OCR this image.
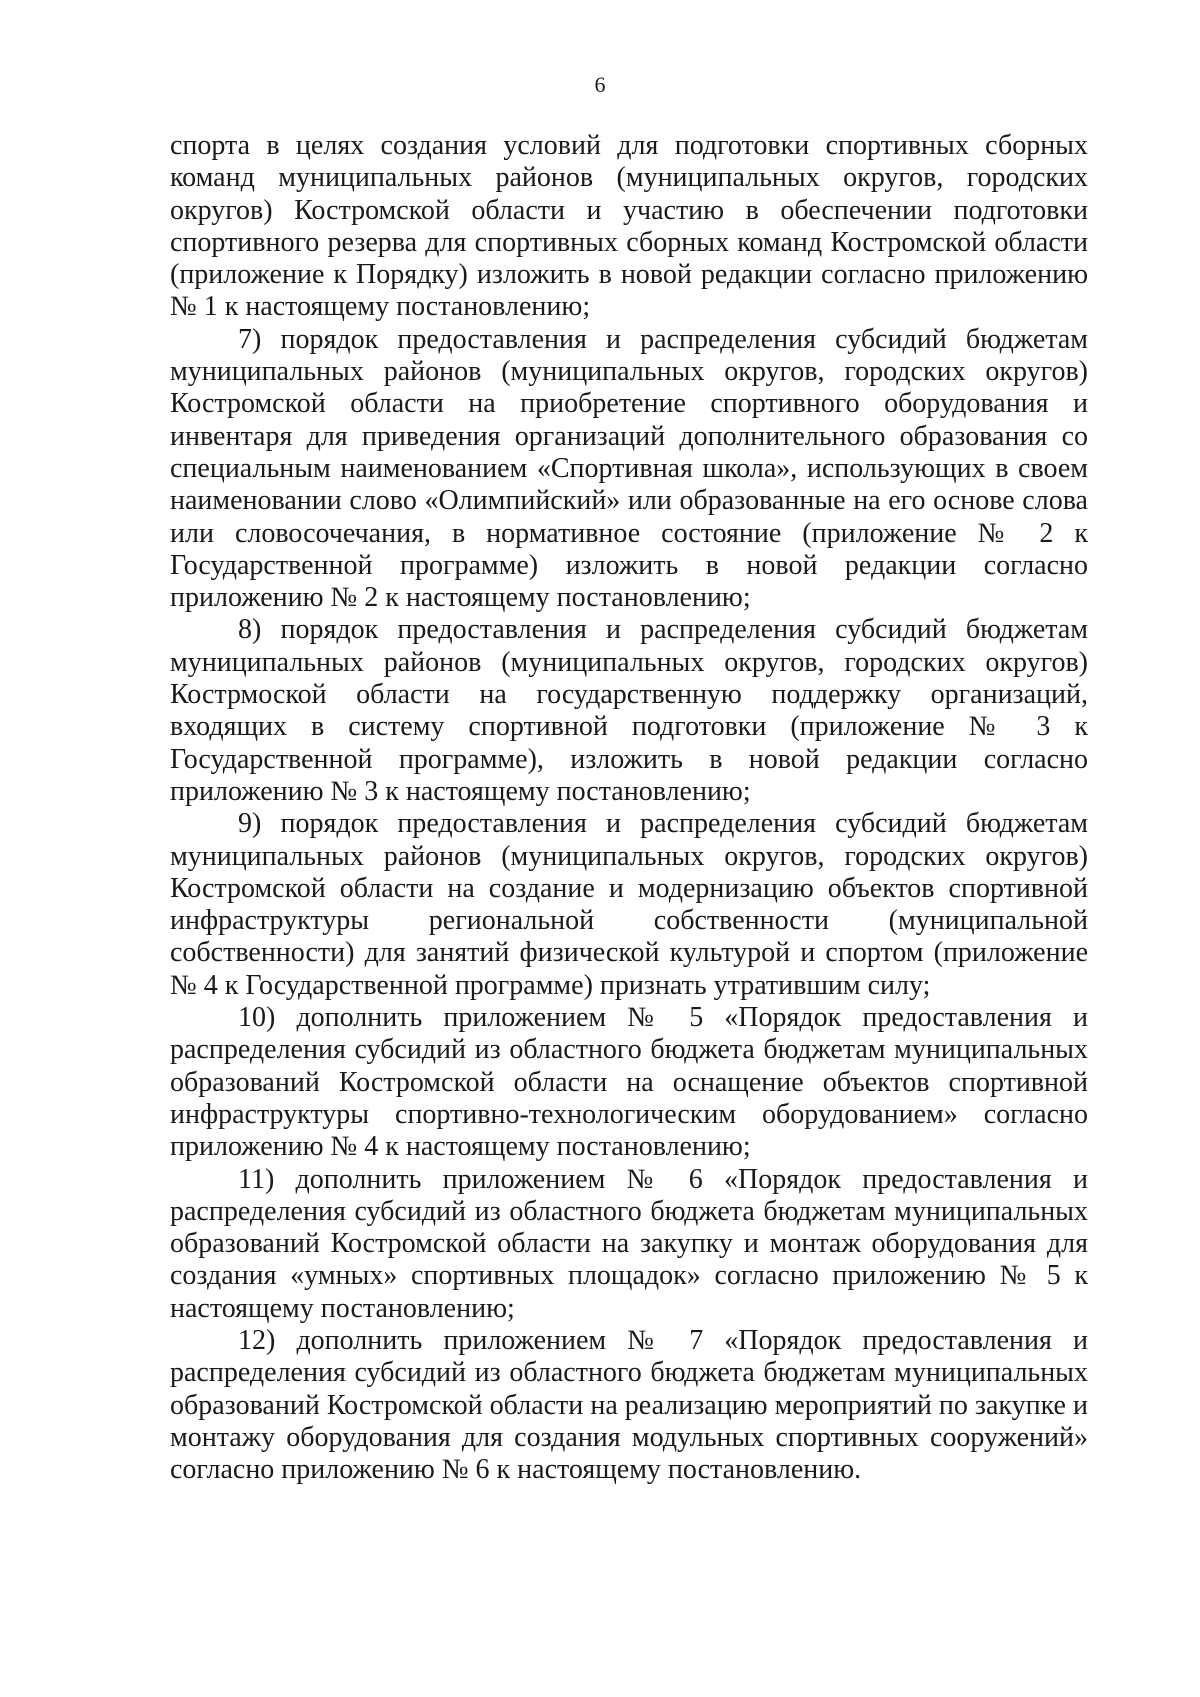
6

спорта в целях создания условий для подготовки спортивных сборных команд муниципальных районов (муниципальных округов, городских округов) Костромской области и участию в обеспечении подготовки спортивного резерва для спортивных сборных команд Костромской области (приложение к Порядку) изложить в новой редакции согласно приложению № 1 к настоящему постановлению;

7) порядок предоставления и распределения субсидий бюджетам муниципальных районов (муниципальных округов, городских округов) Костромской области на приобретение спортивного оборудования и инвентаря для приведения организаций дополнительного образования со специальным наименованием «Спортивная школа», использующих в своем наименовании слово «Олимпийский» или образованные на его основе слова или словосочечания, в нормативное состояние (приложение № 2 к Государственной программе) изложить в новой редакции согласно приложению № 2 к настоящему постановлению;

8) порядок предоставления и распределения субсидий бюджетам муниципальных районов (муниципальных округов, городских округов) Кострмоской области на государственную поддержку организаций, входящих в систему спортивной подготовки (приложение № 3 к Государственной программе), изложить в новой редакции согласно приложению № 3 к настоящему постановлению;

9) порядок предоставления и распределения субсидий бюджетам муниципальных районов (муниципальных округов, городских округов) Костромской области на создание и модернизацию объектов спортивной инфраструктуры региональной собственности (муниципальной собственности) для занятий физической культурой и спортом (приложение № 4 к Государственной программе) признать утратившим силу;

10) дополнить приложением № 5 «Порядок предоставления и распределения субсидий из областного бюджета бюджетам муниципальных образований Костромской области на оснащение объектов спортивной инфраструктуры спортивно-технологическим оборудованием» согласно приложению № 4 к настоящему постановлению;

11) дополнить приложением № 6 «Порядок предоставления и распределения субсидий из областного бюджета бюджетам муниципальных образований Костромской области на закупку и монтаж оборудования для создания «умных» спортивных площадок» согласно приложению № 5 к настоящему постановлению;

12) дополнить приложением № 7 «Порядок предоставления и распределения субсидий из областного бюджета бюджетам муниципальных образований Костромской области на реализацию мероприятий по закупке и монтажу оборудования для создания модульных спортивных сооружений» согласно приложению № 6 к настоящему постановлению.
